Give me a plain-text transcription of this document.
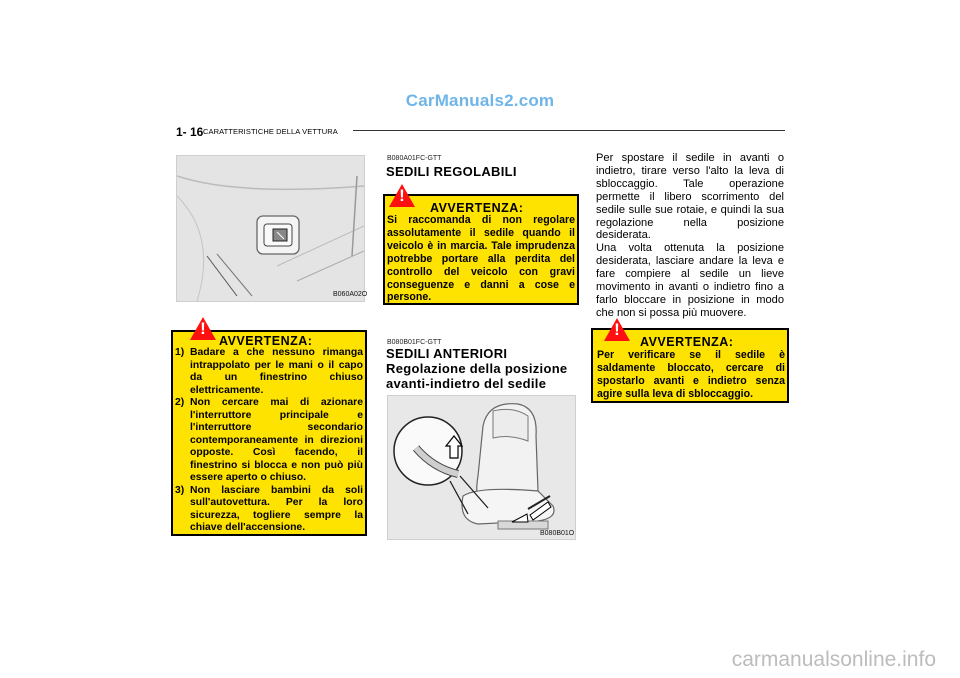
CarManuals2.com
1- 16 CARATTERISTICHE DELLA VETTURA
B060A02O
!
AVVERTENZA:
1) Badare a che nessuno rimanga intrappolato per le mani o il capo da un finestrino chiuso elettricamente.
2) Non cercare mai di azionare l'interruttore principale e l'interruttore secondario contemporaneamente in direzioni opposte. Così facendo, il finestrino si blocca e non può più essere aperto o chiuso.
3) Non lasciare bambini da soli sull'autovettura. Per la loro sicurezza, togliere sempre la chiave dell'accensione.
B080A01FC-GTT
SEDILI REGOLABILI
!
AVVERTENZA:
Si raccomanda di non regolare assolutamente il sedile quando il veicolo è in marcia. Tale imprudenza potrebbe portare alla perdita del controllo del veicolo con gravi conseguenze e danni a cose e persone.
B080B01FC-GTT
SEDILI ANTERIORI
Regolazione della posizione
avanti-indietro del sedile
B080B01O
Per spostare il sedile in avanti o indietro, tirare verso l'alto la leva di sbloccaggio. Tale operazione permette il libero scorrimento del sedile sulle sue rotaie, e quindi la sua regolazione nella posizione desiderata.
Una volta ottenuta la posizione desiderata, lasciare andare la leva e fare compiere al sedile un lieve movimento in avanti o indietro fino a farlo bloccare in posizione in modo che non si possa più muovere.
!
AVVERTENZA:
Per verificare se il sedile è saldamente bloccato, cercare di spostarlo avanti e indietro senza agire sulla leva di sbloccaggio.
carmanualsonline.info
